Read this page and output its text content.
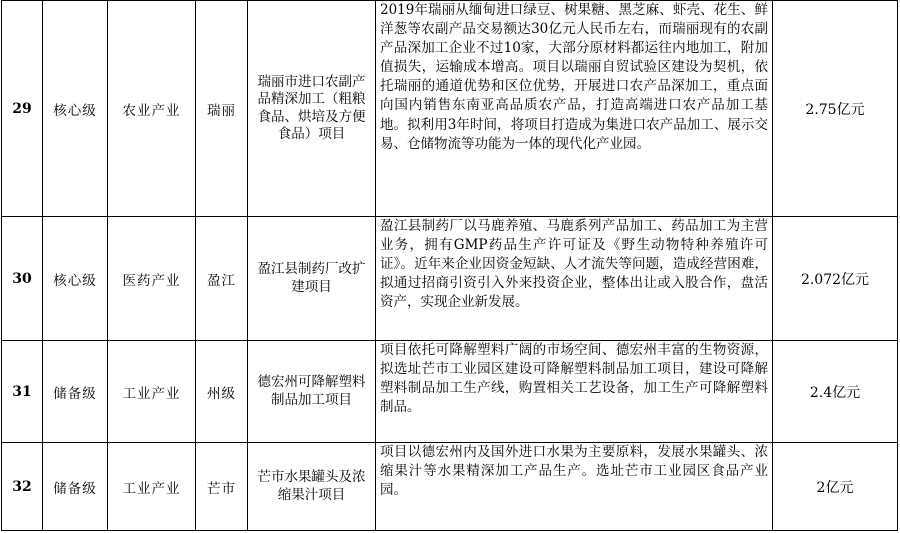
29	核心级	农业产业	瑞丽	瑞丽市进口农副产品精深加工（粗粮食品、烘培及方便食品）项目	2019年瑞丽从缅甸进口绿豆、树果糖、黑芝麻、虾壳、花生、鲜洋葱等农副产品交易额达30亿元人民币左右，而瑞丽现有的农副产品深加工企业不过10家，大部分原材料都运往内地加工，附加值损失，运输成本增高。项目以瑞丽自贸试验区建设为契机，依托瑞丽的通道优势和区位优势，开展进口农产品深加工，重点面向国内销售东南亚高品质农产品，打造高端进口农产品加工基地。拟利用3年时间，将项目打造成为集进口农产品加工、展示交易、仓储物流等功能为一体的现代化产业园。	2.75亿元
30	核心级	医药产业	盈江	盈江县制药厂改扩建项目	盈江县制药厂以马鹿养殖、马鹿系列产品加工、药品加工为主营业务，拥有GMP药品生产许可证及《野生动物特种养殖许可证》。近年来企业因资金短缺、人才流失等问题，造成经营困难，拟通过招商引资引入外来投资企业，整体出让或入股合作，盘活资产，实现企业新发展。	2.072亿元
31	储备级	工业产业	州级	德宏州可降解塑料制品加工项目	项目依托可降解塑料广阔的市场空间、德宏州丰富的生物资源，拟选址芒市工业园区建设可降解塑料制品加工项目，建设可降解塑料制品加工生产线，购置相关工艺设备，加工生产可降解塑料制品。	2.4亿元
32	储备级	工业产业	芒市	芒市水果罐头及浓缩果汁项目	项目以德宏州内及国外进口水果为主要原料，发展水果罐头、浓缩果汁等水果精深加工产品生产。选址芒市工业园区食品产业园。	2亿元
